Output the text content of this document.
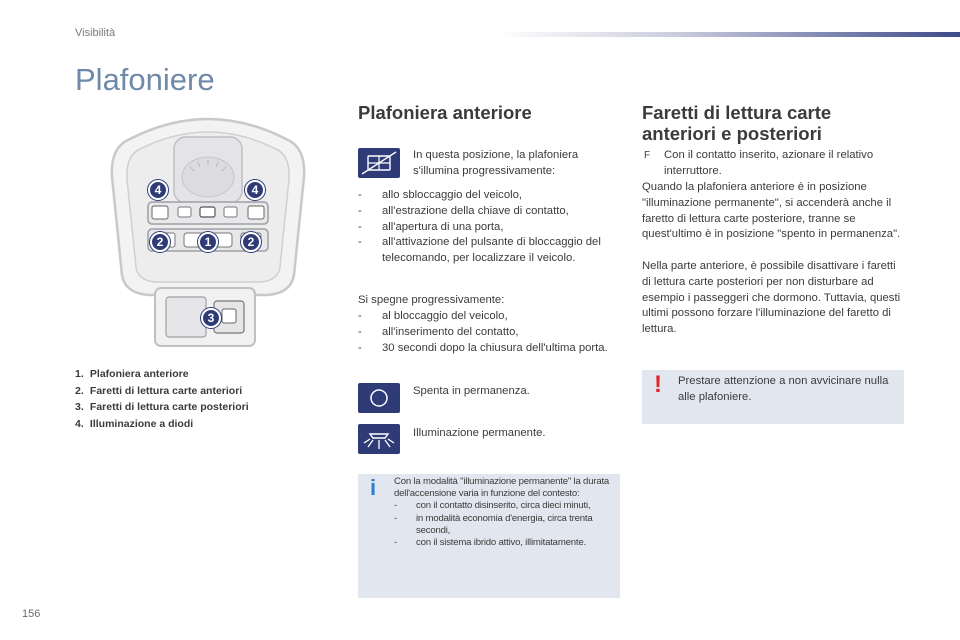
Visibilità
Plafoniere
4	4
2	1	2
3
1. Plafoniera anteriore
2. Faretti di lettura carte anteriori
3. Faretti di lettura carte posteriori
4. Illuminazione a diodi
Plafoniera anteriore
In questa posizione, la plafoniera s'illumina progressivamente:
- allo sbloccaggio del veicolo,
- all'estrazione della chiave di contatto,
- all'apertura di una porta,
- all'attivazione del pulsante di bloccaggio del telecomando, per localizzare il veicolo.
Si spegne progressivamente:
- al bloccaggio del veicolo,
- all'inserimento del contatto,
- 30 secondi dopo la chiusura dell'ultima porta.
Spenta in permanenza.
Illuminazione permanente.
i	Con la modalità "illuminazione permanente" la durata dell'accensione varia in funzione del contesto:
- con il contatto disinserito, circa dieci minuti,
- in modalità economia d'energia, circa trenta secondi,
- con il sistema ibrido attivo, illimitatamente.
Faretti di lettura carte
anteriori e posteriori
F Con il contatto inserito, azionare il relativo interruttore.
Quando la plafoniera anteriore è in posizione "illuminazione permanente", si accenderà anche il faretto di lettura carte posteriore, tranne se quest'ultimo è in posizione "spento in permanenza".
Nella parte anteriore, è possibile disattivare i faretti di lettura carte posteriori per non disturbare ad esempio i passeggeri che dormono. Tuttavia, questi ultimi possono forzare l'illuminazione del faretto di lettura.
!	Prestare attenzione a non avvicinare nulla alle plafoniere.
156
